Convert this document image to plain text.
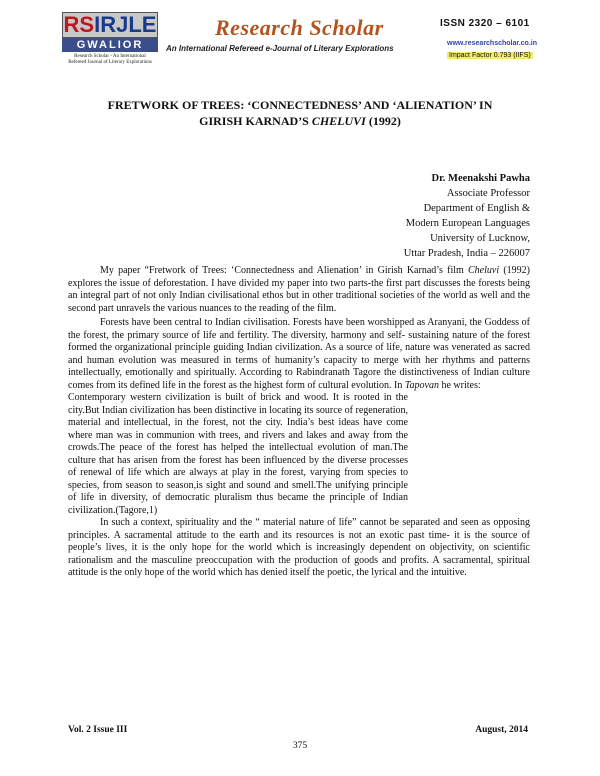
RSIRJLE
GWALIOR
Research Scholar - An International
Refereed Journal of Literary Explorations
Research Scholar
An International Refereed e-Journal of Literary Explorations
ISSN 2320 – 6101
www.researchscholar.co.in
Impact Factor 0.793 (IIFS)
FRETWORK OF TREES: ‘CONNECTEDNESS’ AND ‘ALIENATION’ IN
GIRISH KARNAD’S CHELUVI (1992)
Dr. Meenakshi Pawha
Associate Professor
Department of English &
Modern European Languages
University of Lucknow,
Uttar Pradesh, India – 226007

My paper “Fretwork of Trees: ‘Connectedness and Alienation’ in Girish Karnad’s film Cheluvi (1992) explores the issue of deforestation. I have divided my paper into two parts-the first part discusses the forests being an integral part of not only Indian civilisational ethos but in other traditional societies of the world as well and the second part unravels the various nuances to the reading of the film.

Forests have been central to Indian civilisation. Forests have been worshipped as Aranyani, the Goddess of the forest, the primary source of life and fertility. The diversity, harmony and self- sustaining nature of the forest formed the organizational principle guiding Indian civilization. As a source of life, nature was venerated as sacred and human evolution was measured in terms of humanity’s capacity to merge with her rhythms and patterns intellectually, emotionally and spiritually. According to Rabindranath Tagore the distinctiveness of Indian culture comes from its defined life in the forest as the highest form of cultural evolution. In Tapovan he writes:

Contemporary western civilization is built of brick and wood. It is rooted in the city.But Indian civilization has been distinctive in locating its source of regeneration, material and intellectual, in the forest, not the city. India’s best ideas have come where man was in communion with trees, and rivers and lakes and away from the crowds.The peace of the forest has helped the intellectual evolution of man.The culture that has arisen from the forest has been influenced by the diverse processes of renewal of life which are always at play in the forest, varying from species to species, from season to season,is sight and sound and smell.The unifying principle of life in diversity, of democratic pluralism thus became the principle of Indian civilization.(Tagore,1)

In such a context, spirituality and the “ material nature of life” cannot be separated and seen as opposing principles. A sacramental attitude to the earth and its resources is not an exotic past time- it is the source of people’s lives, it is the only hope for the world which is increasingly dependent on objectivity, on scientific rationalism and the masculine preoccupation with the production of goods and profits. A sacramental, spiritual attitude is the only hope of the world which has denied itself the poetic, the lyrical and the intuitive.

Vol. 2 Issue III	August, 2014
375
